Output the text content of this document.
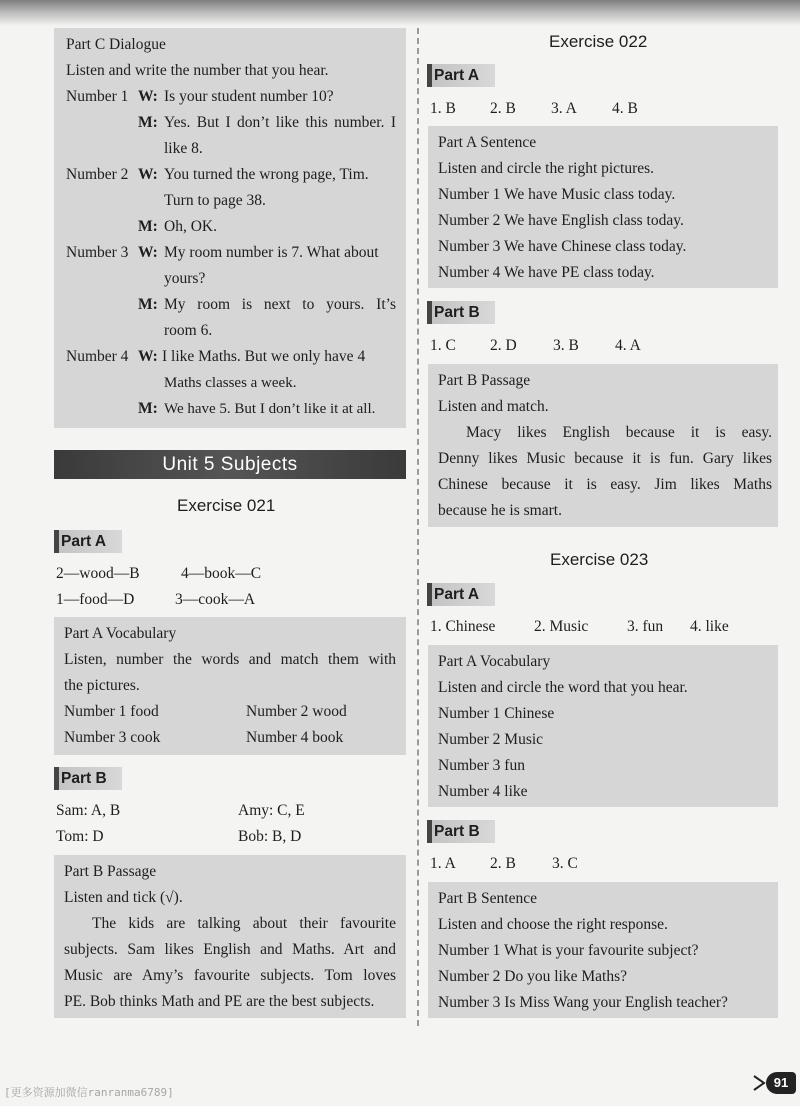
Part C Dialogue
Listen and write the number that you hear.
Number 1 W: Is your student number 10?
M: Yes. But I don’t like this number. I
like 8.
Number 2 W: You turned the wrong page, Tim.
Turn to page 38.
M: Oh, OK.
Number 3 W: My room number is 7. What about
yours?
M: My room is next to yours. It’s
room 6.
Number 4 W: I like Maths. But we only have 4
Maths classes a week.
M: We have 5. But I don’t like it at all.
Unit 5 Subjects
Exercise 021
Part A
2—wood—B	4—book—C
1—food—D	3—cook—A
Part A Vocabulary
Listen, number the words and match them with
the pictures.
Number 1 food	Number 2 wood
Number 3 cook	Number 4 book
Part B
Sam: A, B	Amy: C, E
Tom: D	Bob: B, D
Part B Passage
Listen and tick (√).
The kids are talking about their favourite
subjects. Sam likes English and Maths. Art and
Music are Amy’s favourite subjects. Tom loves
PE. Bob thinks Math and PE are the best subjects.
Exercise 022
Part A
1. B 2. B 3. A 4. B
Part A Sentence
Listen and circle the right pictures.
Number 1 We have Music class today.
Number 2 We have English class today.
Number 3 We have Chinese class today.
Number 4 We have PE class today.
Part B
1. C 2. D 3. B 4. A
Part B Passage
Listen and match.
Macy likes English because it is easy.
Denny likes Music because it is fun. Gary likes
Chinese because it is easy. Jim likes Maths
because he is smart.
Exercise 023
Part A
1. Chinese 2. Music	3. fun 4. like
Part A Vocabulary
Listen and circle the word that you hear.
Number 1 Chinese
Number 2 Music
Number 3 fun
Number 4 like
Part B
1. A 2. B 3. C
Part B Sentence
Listen and choose the right response.
Number 1 What is your favourite subject?
Number 2 Do you like Maths?
Number 3 Is Miss Wang your English teacher?
[更多资源加微信ranranma6789]
91
